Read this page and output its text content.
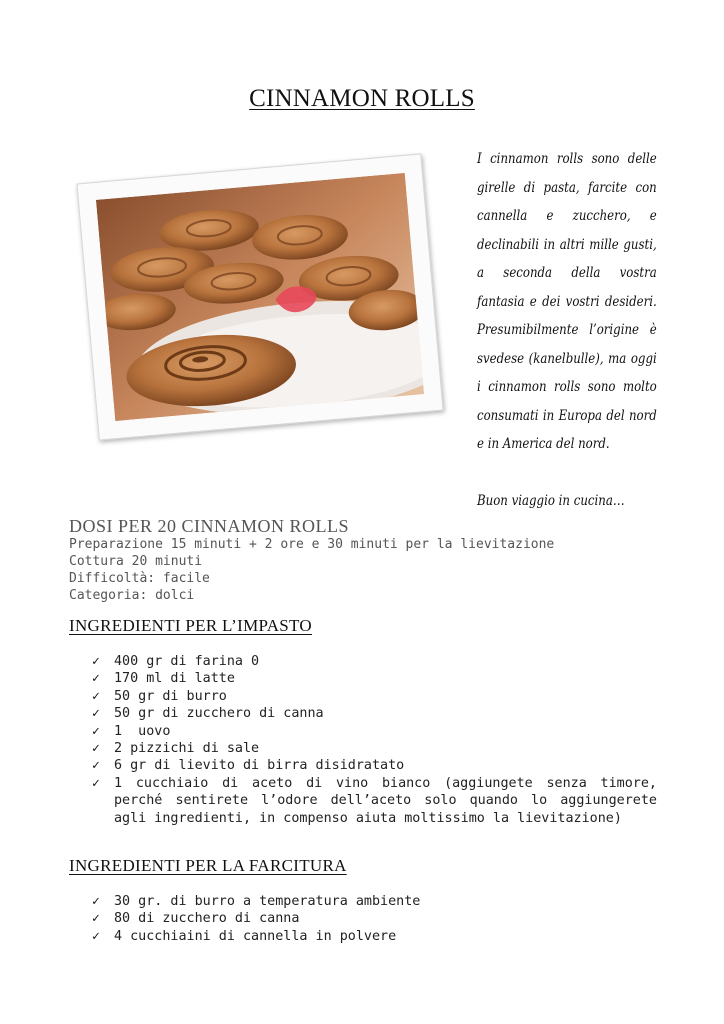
CINNAMON ROLLS

I cinnamon rolls sono delle girelle di pasta, farcite con cannella e zucchero, e declinabili in altri mille gusti, a seconda della vostra fantasia e dei vostri desideri. Presumibilmente l’origine è svedese (kanelbulle), ma oggi i cinnamon rolls sono molto consumati in Europa del nord e in America del nord.

Buon viaggio in cucina…

DOSI PER 20 CINNAMON ROLLS
Preparazione 15 minuti + 2 ore e 30 minuti per la lievitazione
Cottura 20 minuti
Difficoltà: facile
Categoria: dolci
INGREDIENTI PER L’IMPASTO
✓ 400 gr di farina 0
✓ 170 ml di latte
✓ 50 gr di burro
✓ 50 gr di zucchero di canna
✓ 1  uovo
✓ 2 pizzichi di sale
✓ 6 gr di lievito di birra disidratato
✓ 1 cucchiaio di aceto di vino bianco (aggiungete senza timore, perché sentirete l’odore dell’aceto solo quando lo aggiungerete agli ingredienti, in compenso aiuta moltissimo la lievitazione)
INGREDIENTI PER LA FARCITURA
✓ 30 gr. di burro a temperatura ambiente
✓ 80 di zucchero di canna
✓ 4 cucchiaini di cannella in polvere
